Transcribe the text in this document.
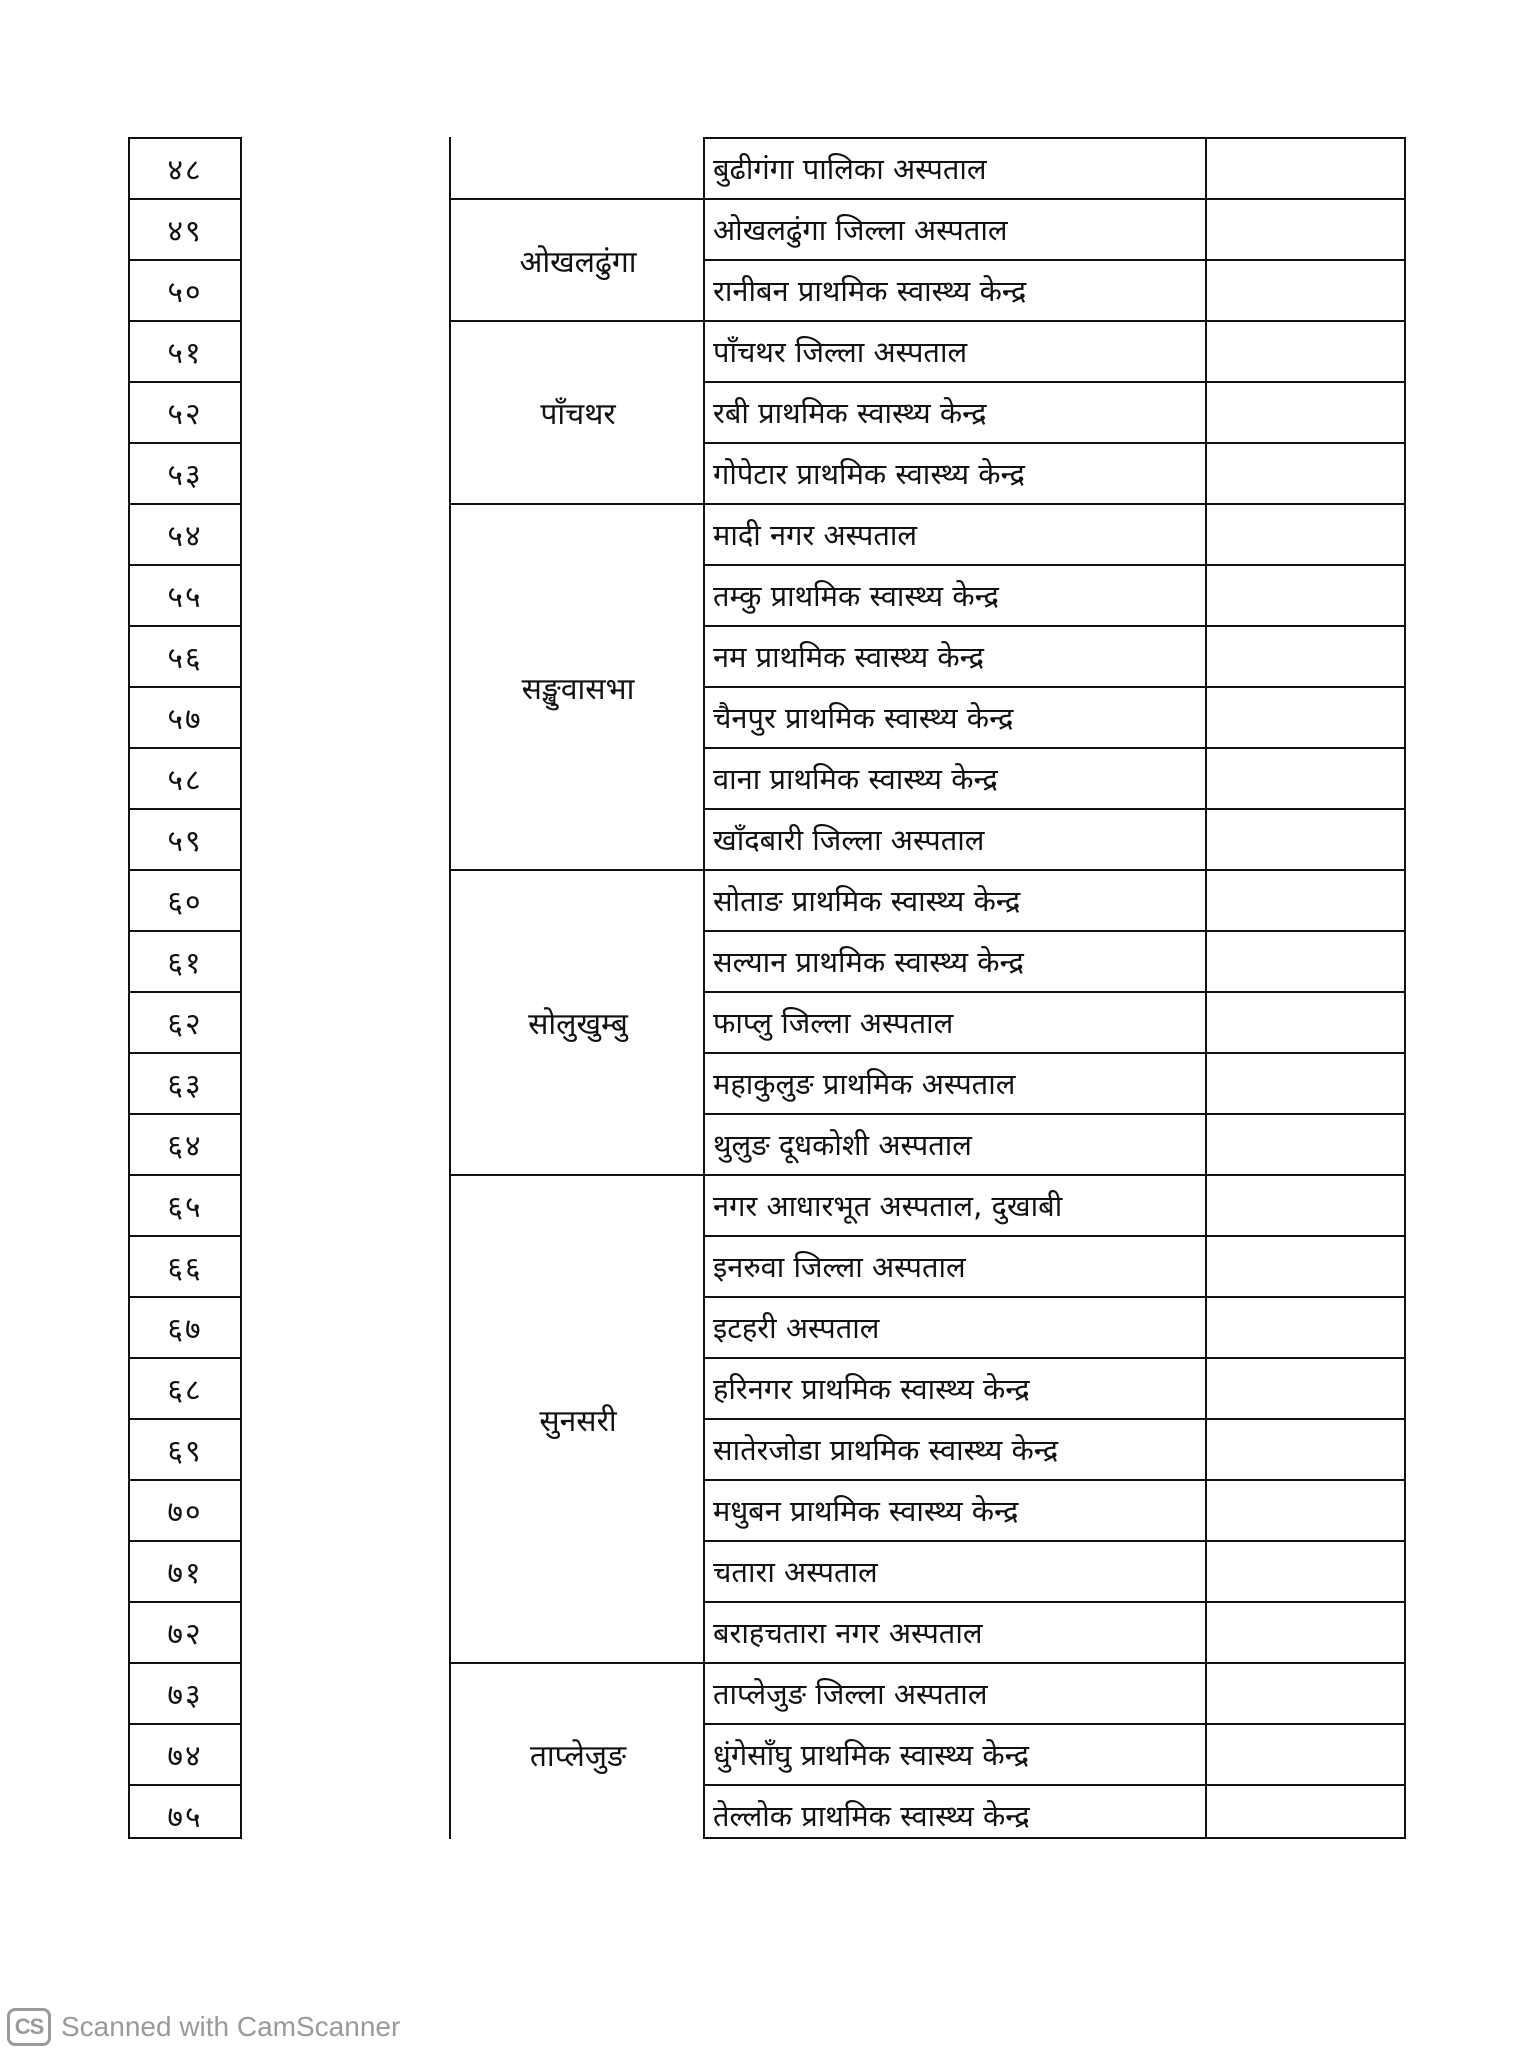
४८
४९
५०
५१
५२
५३
५४
५५
५६
५७
५८
५९
६०
६१
६२
६३
६४
६५
६६
६७
६८
६९
७०
७१
७२
७३
७४
७५
ओखलढुंगा
पाँचथर
सङ्खुवासभा
सोलुखुम्बु
सुनसरी
ताप्लेजुङ
बुढीगंगा पालिका अस्पताल
ओखलढुंगा जिल्ला अस्पताल
रानीबन प्राथमिक स्वास्थ्य केन्द्र
पाँचथर जिल्ला अस्पताल
रबी प्राथमिक स्वास्थ्य केन्द्र
गोपेटार प्राथमिक स्वास्थ्य केन्द्र
मादी नगर अस्पताल
तम्कु प्राथमिक स्वास्थ्य केन्द्र
नम प्राथमिक स्वास्थ्य केन्द्र
चैनपुर प्राथमिक स्वास्थ्य केन्द्र
वाना प्राथमिक स्वास्थ्य केन्द्र
खाँदबारी जिल्ला अस्पताल
सोताङ प्राथमिक स्वास्थ्य केन्द्र
सल्यान प्राथमिक स्वास्थ्य केन्द्र
फाप्लु जिल्ला अस्पताल
महाकुलुङ प्राथमिक अस्पताल
थुलुङ दूधकोशी अस्पताल
नगर आधारभूत अस्पताल, दुखाबी
इनरुवा जिल्ला अस्पताल
इटहरी अस्पताल
हरिनगर प्राथमिक स्वास्थ्य केन्द्र
सातेरजोडा प्राथमिक स्वास्थ्य केन्द्र
मधुबन प्राथमिक स्वास्थ्य केन्द्र
चतारा अस्पताल
बराहचतारा नगर अस्पताल
ताप्लेजुङ जिल्ला अस्पताल
धुंगेसाँघु प्राथमिक स्वास्थ्य केन्द्र
तेल्लोक प्राथमिक स्वास्थ्य केन्द्र
CS Scanned with CamScanner
